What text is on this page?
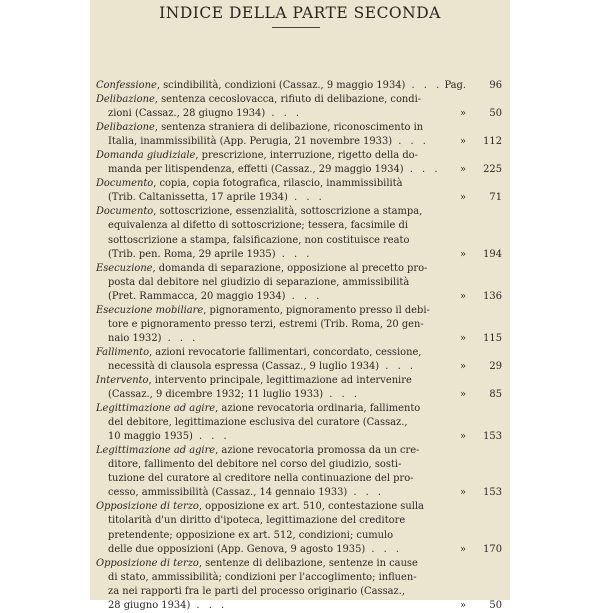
INDICE DELLA PARTE SECONDA
Confessione, scindibilità, condizioni (Cassaz., 9 maggio 1934) . . . Pag. 96
Delibazione, sentenza cecoslovacca, rifiuto di delibazione, condi-
zioni (Cassaz., 28 giugno 1934) . . .	» 50
Delibazione, sentenza straniera di delibazione, riconoscimento in
Italia, inammissibilità (App. Perugia, 21 novembre 1933) . . .	» 112
Domanda giudiziale, prescrizione, interruzione, rigetto della do-
manda per litispendenza, effetti (Cassaz., 29 maggio 1934) . . . » 225
Documento, copia, copia fotografica, rilascio, inammissibilità
(Trib. Caltanissetta, 17 aprile 1934) . . .	» 71
Documento, sottoscrizione, essenzialità, sottoscrizione a stampa,
equivalenza al difetto di sottoscrizione; tessera, facsimile di
sottoscrizione a stampa, falsificazione, non costituisce reato
(Trib. pen. Roma, 29 aprile 1935) . . .	» 194
Esecuzione, domanda di separazione, opposizione al precetto pro-
posta dal debitore nel giudizio di separazione, ammissibilità
(Pret. Rammacca, 20 maggio 1934) . . .	» 136
Esecuzione mobiliare, pignoramento, pignoramento presso il debi-
tore e pignoramento presso terzi, estremi (Trib. Roma, 20 gen-
naio 1932) . . .	» 115
Fallimento, azioni revocatorie fallimentari, concordato, cessione,
necessità di clausola espressa (Cassaz., 9 luglio 1934) . . .	» 29
Intervento, intervento principale, legittimazione ad intervenire
(Cassaz., 9 dicembre 1932; 11 luglio 1933) . . .	» 85
Legittimazione ad agire, azione revocatoria ordinaria, fallimento
del debitore, legittimazione esclusiva del curatore (Cassaz.,
10 maggio 1935) . . .	» 153
Legittimazione ad agire, azione revocatoria promossa da un cre-
ditore, fallimento del debitore nel corso del giudizio, sosti-
tuzione del curatore al creditore nella continuazione del pro-
cesso, ammissibilità (Cassaz., 14 gennaio 1933) . . .	» 153
Opposizione di terzo, opposizione ex art. 510, contestazione sulla
titolarità d'un diritto d'ipoteca, legittimazione del creditore
pretendente; opposizione ex art. 512, condizioni; cumulo
delle due opposizioni (App. Genova, 9 agosto 1935) . . .	» 170
Opposizione di terzo, sentenze di delibazione, sentenze in cause
di stato, ammissibilità; condizioni per l'accoglimento; influen-
za nei rapporti fra le parti del processo originario (Cassaz.,
28 giugno 1934) . . .	» 50
